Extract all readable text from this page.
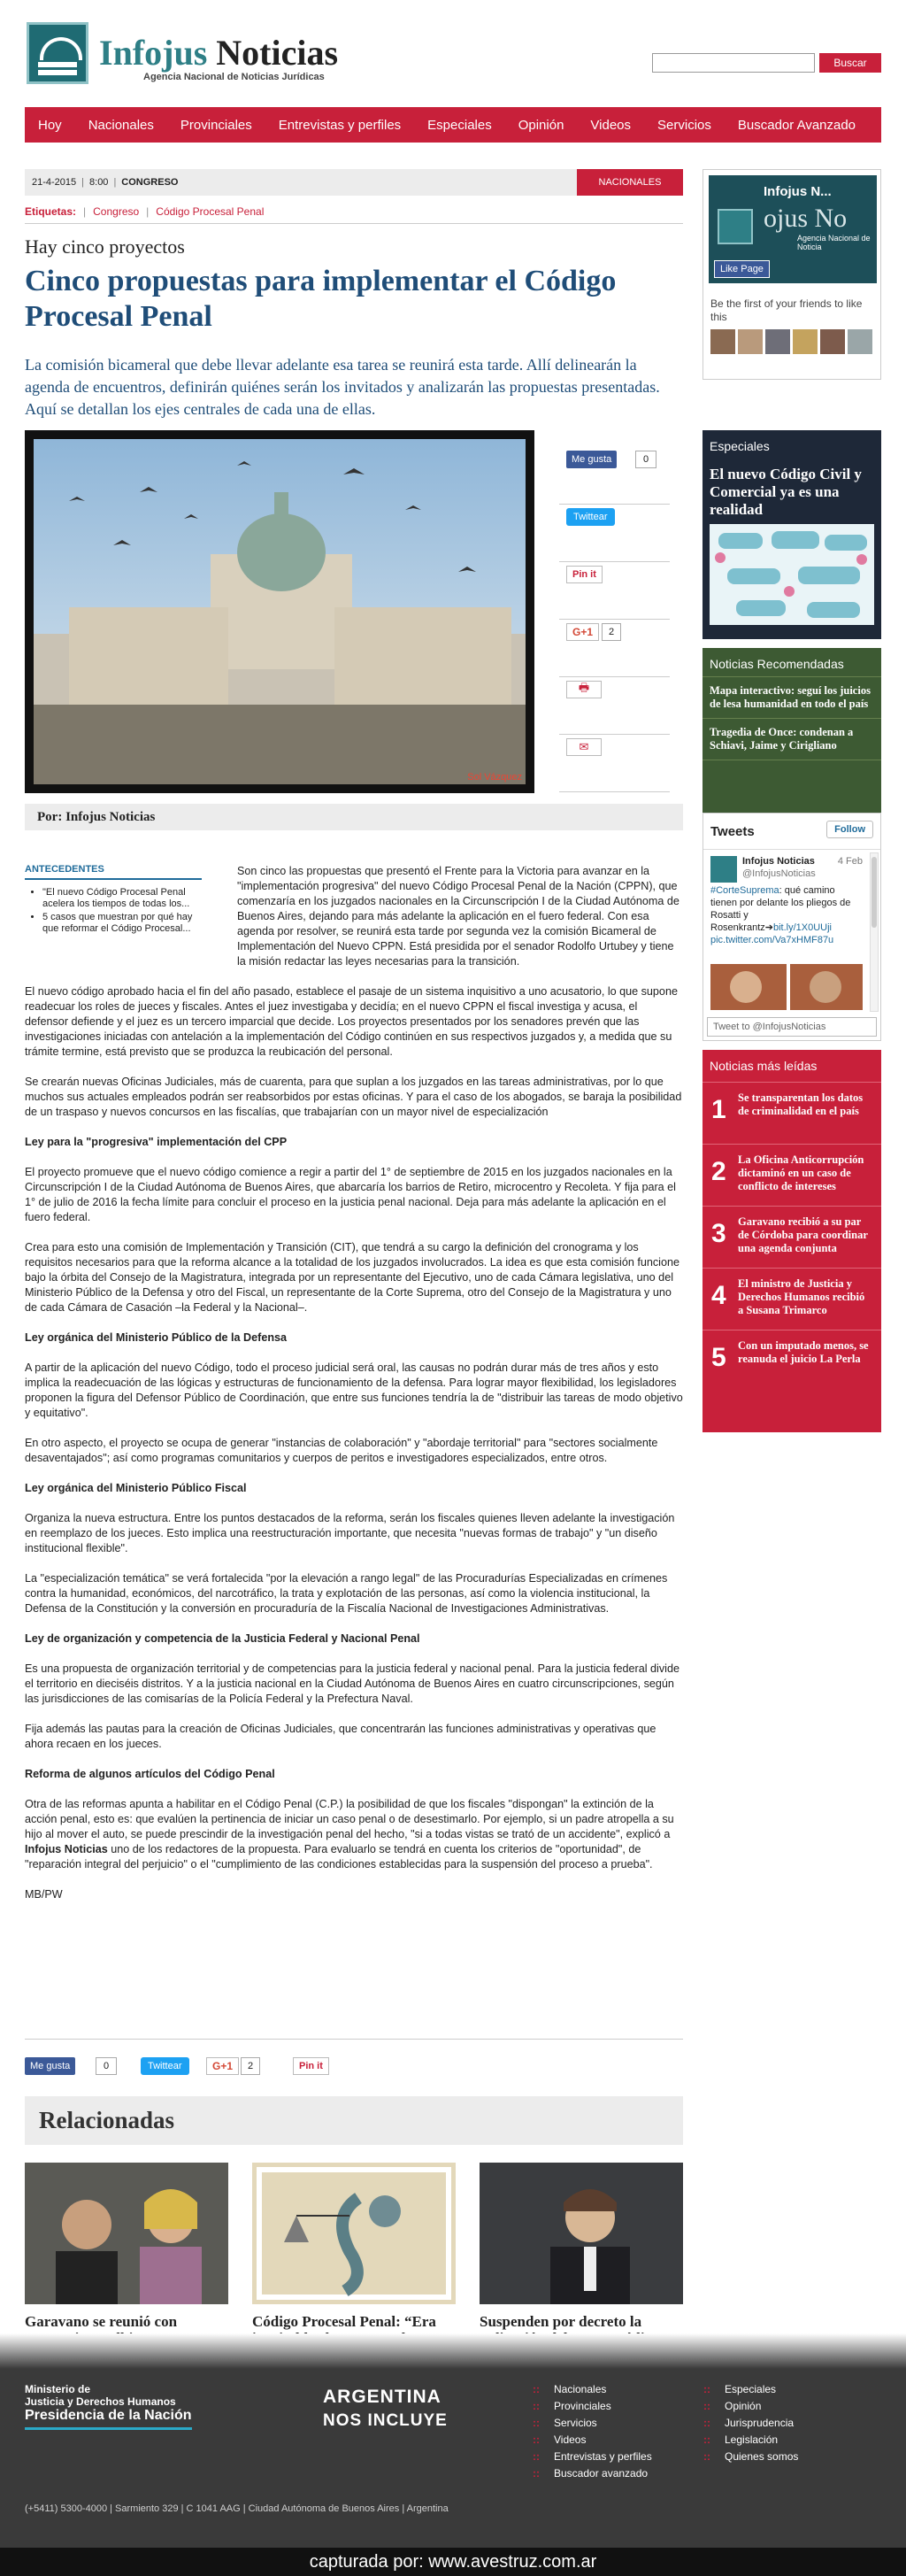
Infojus Noticias
Agencia Nacional de Noticias Jurídicas
Buscar
Hoy	Nacionales	Provinciales	Entrevistas y perfiles	Especiales	Opinión	Videos	Servicios	Buscador Avanzado
21-4-2015 | 8:00 | CONGRESO	NACIONALES
Etiquetas: | Congreso | Código Procesal Penal
Hay cinco proyectos
Cinco propuestas para implementar el Código Procesal Penal

La comisión bicameral que debe llevar adelante esa tarea se reunirá esta tarde. Allí delinearán la agenda de encuentros, definirán quiénes serán los invitados y analizarán las propuestas presentadas. Aquí se detallan los ejes centrales de cada una de ellas.

Sol Vázquez
Me gusta	0
Twittear
Pin it
G+1	2
🖶
✉
Por: Infojus Noticias

Son cinco las propuestas que presentó el Frente para la Victoria para avanzar en la "implementación progresiva" del nuevo Código Procesal Penal de la Nación (CPPN), que comenzaría en los juzgados nacionales en la Circunscripción I de la Ciudad Autónoma de Buenos Aires, dejando para más adelante la aplicación en el fuero federal. Con esa agenda por resolver, se reunirá esta tarde por segunda vez la comisión Bicameral de Implementación del Nuevo CPPN. Está presidida por el senador Rodolfo Urtubey y tiene la misión redactar las leyes necesarias para la transición.

El nuevo código aprobado hacia el fin del año pasado, establece el pasaje de un sistema inquisitivo a uno acusatorio, lo que supone readecuar los roles de jueces y fiscales. Antes el juez investigaba y decidía; en el nuevo CPPN el fiscal investiga y acusa, el defensor defiende y el juez es un tercero imparcial que decide. Los proyectos presentados por los senadores prevén que las investigaciones iniciadas con antelación a la implementación del Código continúen en sus respectivos juzgados y, a medida que su trámite termine, está previsto que se produzca la reubicación del personal.

Se crearán nuevas Oficinas Judiciales, más de cuarenta, para que suplan a los juzgados en las tareas administrativas, por lo que muchos sus actuales empleados podrán ser reabsorbidos por estas oficinas. Y para el caso de los abogados, se baraja la posibilidad de un traspaso y nuevos concursos en las fiscalías, que trabajarían con un mayor nivel de especialización

Ley para la "progresiva" implementación del CPP

El proyecto promueve que el nuevo código comience a regir a partir del 1° de septiembre de 2015 en los juzgados nacionales en la Circunscripción I de la Ciudad Autónoma de Buenos Aires, que abarcaría los barrios de Retiro, microcentro y Recoleta. Y fija para el 1° de julio de 2016 la fecha límite para concluir el proceso en la justicia penal nacional. Deja para más adelante la aplicación en el fuero federal.

Crea para esto una comisión de Implementación y Transición (CIT), que tendrá a su cargo la definición del cronograma y los requisitos necesarios para que la reforma alcance a la totalidad de los juzgados involucrados. La idea es que esta comisión funcione bajo la órbita del Consejo de la Magistratura, integrada por un representante del Ejecutivo, uno de cada Cámara legislativa, uno del Ministerio Público de la Defensa y otro del Fiscal, un representante de la Corte Suprema, otro del Consejo de la Magistratura y uno de cada Cámara de Casación –la Federal y la Nacional–.

Ley orgánica del Ministerio Público de la Defensa

A partir de la aplicación del nuevo Código, todo el proceso judicial será oral, las causas no podrán durar más de tres años y esto implica la readecuación de las lógicas y estructuras de funcionamiento de la defensa. Para lograr mayor flexibilidad, los legisladores proponen la figura del Defensor Público de Coordinación, que entre sus funciones tendría la de "distribuir las tareas de modo objetivo y equitativo".

En otro aspecto, el proyecto se ocupa de generar "instancias de colaboración" y "abordaje territorial" para "sectores socialmente desaventajados"; así como programas comunitarios y cuerpos de peritos e investigadores especializados, entre otros.

Ley orgánica del Ministerio Público Fiscal

Organiza la nueva estructura. Entre los puntos destacados de la reforma, serán los fiscales quienes lleven adelante la investigación en reemplazo de los jueces. Esto implica una reestructuración importante, que necesita "nuevas formas de trabajo" y "un diseño institucional flexible".

La "especialización temática" se verá fortalecida "por la elevación a rango legal" de las Procuradurías Especializadas en crímenes contra la humanidad, económicos, del narcotráfico, la trata y explotación de las personas, así como la violencia institucional, la Defensa de la Constitución y la conversión en procuraduría de la Fiscalía Nacional de Investigaciones Administrativas.

Ley de organización y competencia de la Justicia Federal y Nacional Penal

Es una propuesta de organización territorial y de competencias para la justicia federal y nacional penal. Para la justicia federal divide el territorio en dieciséis distritos. Y a la justicia nacional en la Ciudad Autónoma de Buenos Aires en cuatro circunscripciones, según las jurisdicciones de las comisarías de la Policía Federal y la Prefectura Naval.

Fija además las pautas para la creación de Oficinas Judiciales, que concentrarán las funciones administrativas y operativas que ahora recaen en los jueces.

Reforma de algunos artículos del Código Penal

Otra de las reformas apunta a habilitar en el Código Penal (C.P.) la posibilidad de que los fiscales "dispongan" la extinción de la acción penal, esto es: que evalúen la pertinencia de iniciar un caso penal o de desestimarlo. Por ejemplo, si un padre atropella a su hijo al mover el auto, se puede prescindir de la investigación penal del hecho, "si a todas vistas se trató de un accidente", explicó a Infojus Noticias uno de los redactores de la propuesta. Para evaluarlo se tendrá en cuenta los criterios de "oportunidad", de "reparación integral del perjuicio" o el "cumplimiento de las condiciones establecidas para la suspensión del proceso a prueba".

MB/PW

ANTECEDENTES
• "El nuevo Código Procesal Penal acelera los tiempos de todas los...
• 5 casos que muestran por qué hay que reformar el Código Procesal...
Me gusta	0	Twittear	G+1	2	Pin it
Relacionadas
Garavano se reunió con	Código Procesal Penal: “Era	Suspenden por decreto la
Infojus N...
ojus No
Agencia Nacional de Noticia
Like Page
Be the first of your friends to like this
Especiales
El nuevo Código Civil y Comercial ya es una realidad
Noticias Recomendadas
Mapa interactivo: seguí los juicios de lesa humanidad en todo el país
Tragedia de Once: condenan a Schiavi, Jaime y Cirigliano
Tweets	Follow
Infojus Noticias
@InfojusNoticias
4 Feb
#CorteSuprema: qué camino tienen por delante los pliegos de Rosatti y Rosenkrantz➔bit.ly/1X0UUji pic.twitter.com/Va7xHMF87u
Tweet to @InfojusNoticias
Noticias más leídas
1 Se transparentan los datos de criminalidad en el país
2 La Oficina Anticorrupción dictaminó en un caso de conflicto de intereses
3 Garavano recibió a su par de Córdoba para coordinar una agenda conjunta
4 El ministro de Justicia y Derechos Humanos recibió a Susana Trimarco
5 Con un imputado menos, se reanuda el juicio La Perla
Ministerio de
Justicia y Derechos Humanos
Presidencia de la Nación
ARGENTINA
NOS INCLUYE
(+5411) 5300-4000 | Sarmiento 329 | C 1041 AAG | Ciudad Autónoma de Buenos Aires | Argentina
:: Nacionales
:: Provinciales
:: Servicios
:: Videos
:: Entrevistas y perfiles
:: Buscador avanzado
:: Especiales
:: Opinión
:: Jurisprudencia
:: Legislación
:: Quienes somos
capturada por: www.avestruz.com.ar
